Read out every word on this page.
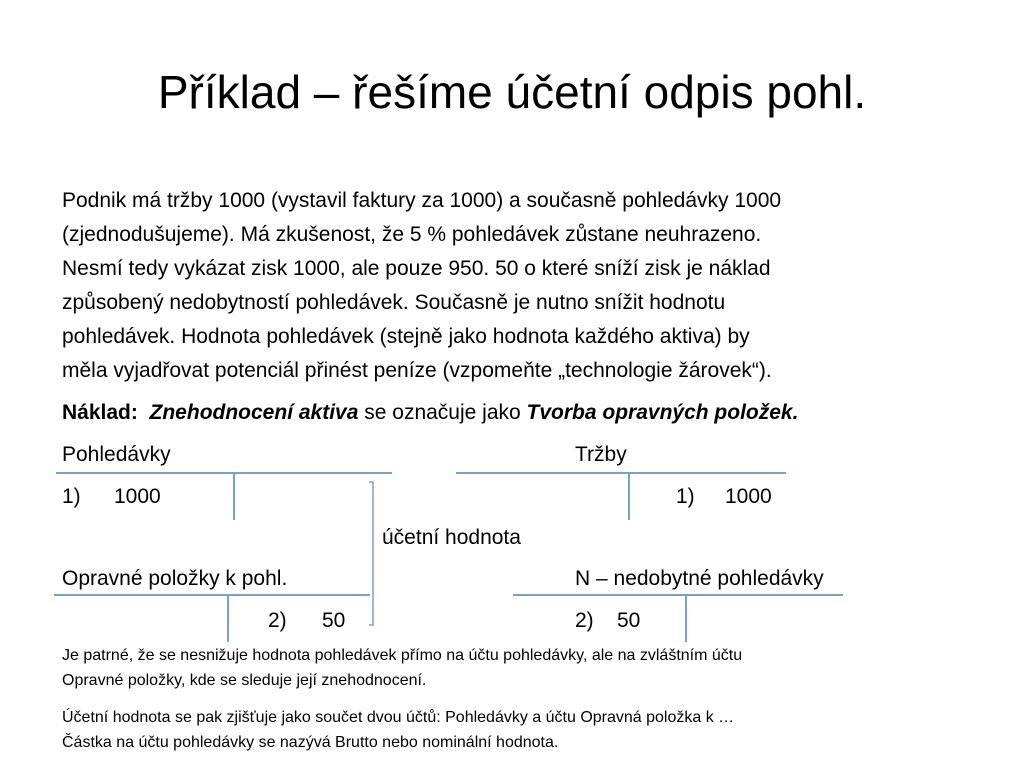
Příklad – řešíme účetní odpis pohl.
Podnik má tržby 1000 (vystavil faktury za 1000) a současně pohledávky 1000
(zjednodušujeme). Má zkušenost, že 5 % pohledávek zůstane neuhrazeno.
Nesmí tedy vykázat zisk 1000, ale pouze 950. 50 o které sníží zisk je náklad
způsobený nedobytností pohledávek. Současně je nutno snížit hodnotu
pohledávek. Hodnota pohledávek (stejně jako hodnota každého aktiva) by
měla vyjadřovat potenciál přinést peníze (vzpomeňte „technologie žárovek“).
Náklad: Znehodnocení aktiva se označuje jako Tvorba opravných položek.
Pohledávky
1) 1000
Tržby
1) 1000
účetní hodnota
Opravné položky k pohl.
2) 50
N – nedobytné pohledávky
2) 50
Je patrné, že se nesnižuje hodnota pohledávek přímo na účtu pohledávky, ale na zvláštním účtu
Opravné položky, kde se sleduje její znehodnocení.
Účetní hodnota se pak zjišťuje jako součet dvou účtů: Pohledávky a účtu Opravná položka k …
Částka na účtu pohledávky se nazývá Brutto nebo nominální hodnota.
